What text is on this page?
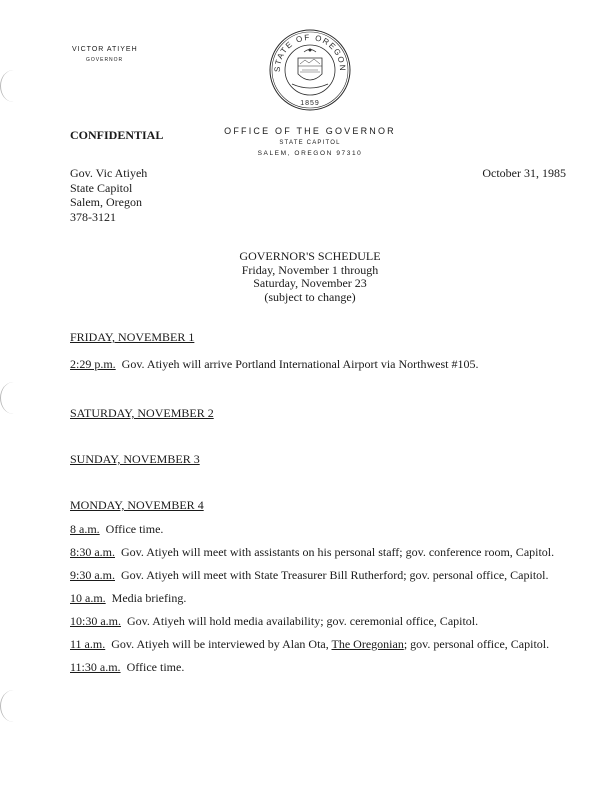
VICTOR ATIYEH
GOVERNOR
STATE OF OREGON
1859
CONFIDENTIAL	OFFICE OF THE GOVERNOR
STATE CAPITOL
SALEM, OREGON 97310
Gov. Vic Atiyeh
State Capitol
Salem, Oregon
378-3121
October 31, 1985
GOVERNOR'S SCHEDULE
Friday, November 1 through
Saturday, November 23
(subject to change)

FRIDAY, NOVEMBER 1

2:29 p.m. Gov. Atiyeh will arrive Portland International Airport via Northwest #105.

SATURDAY, NOVEMBER 2

SUNDAY, NOVEMBER 3

MONDAY, NOVEMBER 4

8 a.m. Office time.

8:30 a.m. Gov. Atiyeh will meet with assistants on his personal staff; gov. conference room, Capitol.

9:30 a.m. Gov. Atiyeh will meet with State Treasurer Bill Rutherford; gov. personal office, Capitol.

10 a.m. Media briefing.

10:30 a.m. Gov. Atiyeh will hold media availability; gov. ceremonial office, Capitol.

11 a.m. Gov. Atiyeh will be interviewed by Alan Ota, The Oregonian; gov. personal office, Capitol.

11:30 a.m. Office time.
